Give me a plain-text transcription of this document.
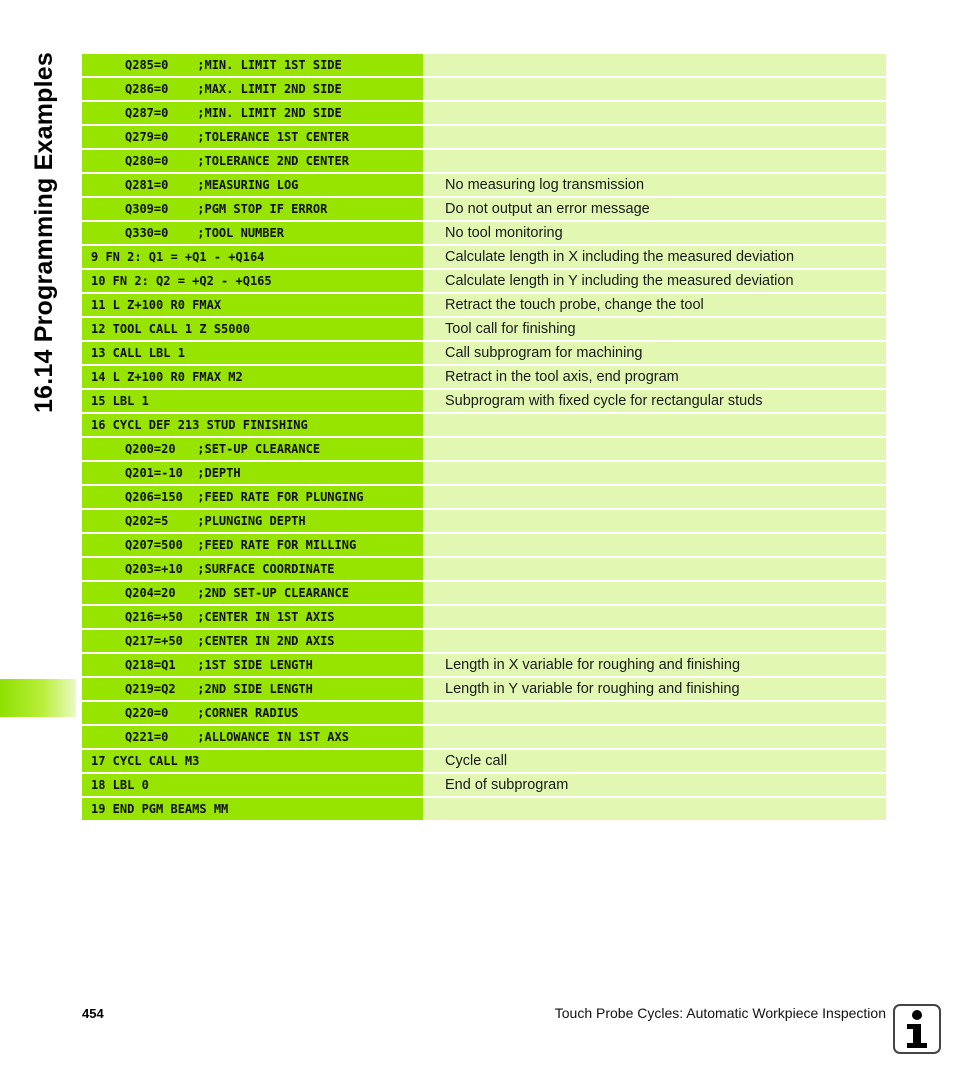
16.14 Programming Examples	Q285=0    ;MIN. LIMIT 1ST SIDE
Q286=0    ;MAX. LIMIT 2ND SIDE
Q287=0    ;MIN. LIMIT 2ND SIDE
Q279=0    ;TOLERANCE 1ST CENTER
Q280=0    ;TOLERANCE 2ND CENTER
Q281=0    ;MEASURING LOG	No measuring log transmission
Q309=0    ;PGM STOP IF ERROR	Do not output an error message
Q330=0    ;TOOL NUMBER	No tool monitoring
9 FN 2: Q1 = +Q1 - +Q164	Calculate length in X including the measured deviation
10 FN 2: Q2 = +Q2 - +Q165	Calculate length in Y including the measured deviation
11 L Z+100 R0 FMAX	Retract the touch probe, change the tool
12 TOOL CALL 1 Z S5000	Tool call for finishing
13 CALL LBL 1	Call subprogram for machining
14 L Z+100 R0 FMAX M2	Retract in the tool axis, end program
15 LBL 1	Subprogram with fixed cycle for rectangular studs
16 CYCL DEF 213 STUD FINISHING
Q200=20   ;SET-UP CLEARANCE
Q201=-10  ;DEPTH
Q206=150  ;FEED RATE FOR PLUNGING
Q202=5    ;PLUNGING DEPTH
Q207=500  ;FEED RATE FOR MILLING
Q203=+10  ;SURFACE COORDINATE
Q204=20   ;2ND SET-UP CLEARANCE
Q216=+50  ;CENTER IN 1ST AXIS
Q217=+50  ;CENTER IN 2ND AXIS
Q218=Q1   ;1ST SIDE LENGTH	Length in X variable for roughing and finishing
Q219=Q2   ;2ND SIDE LENGTH	Length in Y variable for roughing and finishing
Q220=0    ;CORNER RADIUS
Q221=0    ;ALLOWANCE IN 1ST AXS
17 CYCL CALL M3	Cycle call
18 LBL 0	End of subprogram
19 END PGM BEAMS MM
454	Touch Probe Cycles: Automatic Workpiece Inspection
